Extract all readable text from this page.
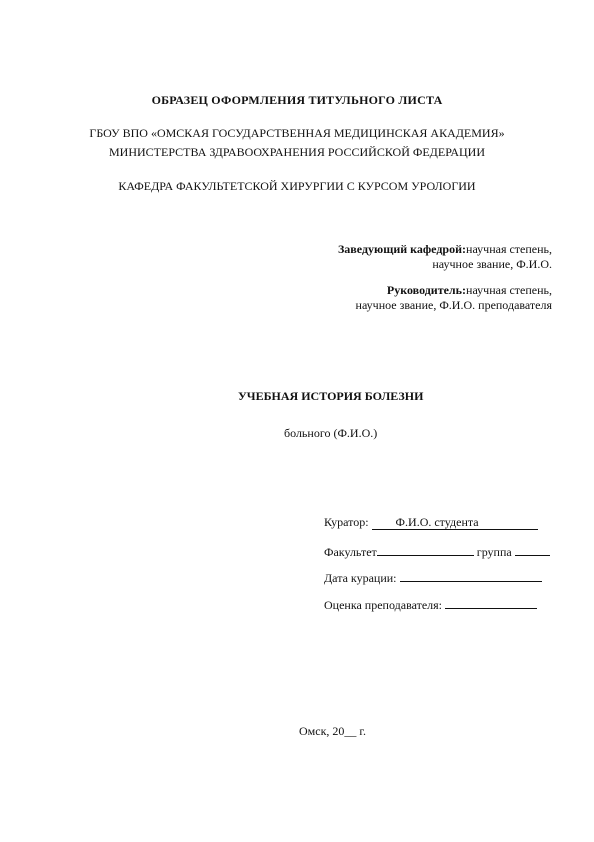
ОБРАЗЕЦ ОФОРМЛЕНИЯ ТИТУЛЬНОГО ЛИСТА
ГБОУ ВПО «ОМСКАЯ ГОСУДАРСТВЕННАЯ МЕДИЦИНСКАЯ АКАДЕМИЯ»
МИНИСТЕРСТВА ЗДРАВООХРАНЕНИЯ РОССИЙСКОЙ ФЕДЕРАЦИИ
КАФЕДРА ФАКУЛЬТЕТСКОЙ ХИРУРГИИ С КУРСОМ УРОЛОГИИ
Заведующий кафедрой:научная степень,
научное звание, Ф.И.О.
Руководитель:научная степень,
научное звание, Ф.И.О. преподавателя
УЧЕБНАЯ ИСТОРИЯ БОЛЕЗНИ
больного (Ф.И.О.)
Куратор: Ф.И.О. студента
Факультет	группа
Дата курации:
Оценка преподавателя:
Омск, 20__ г.
